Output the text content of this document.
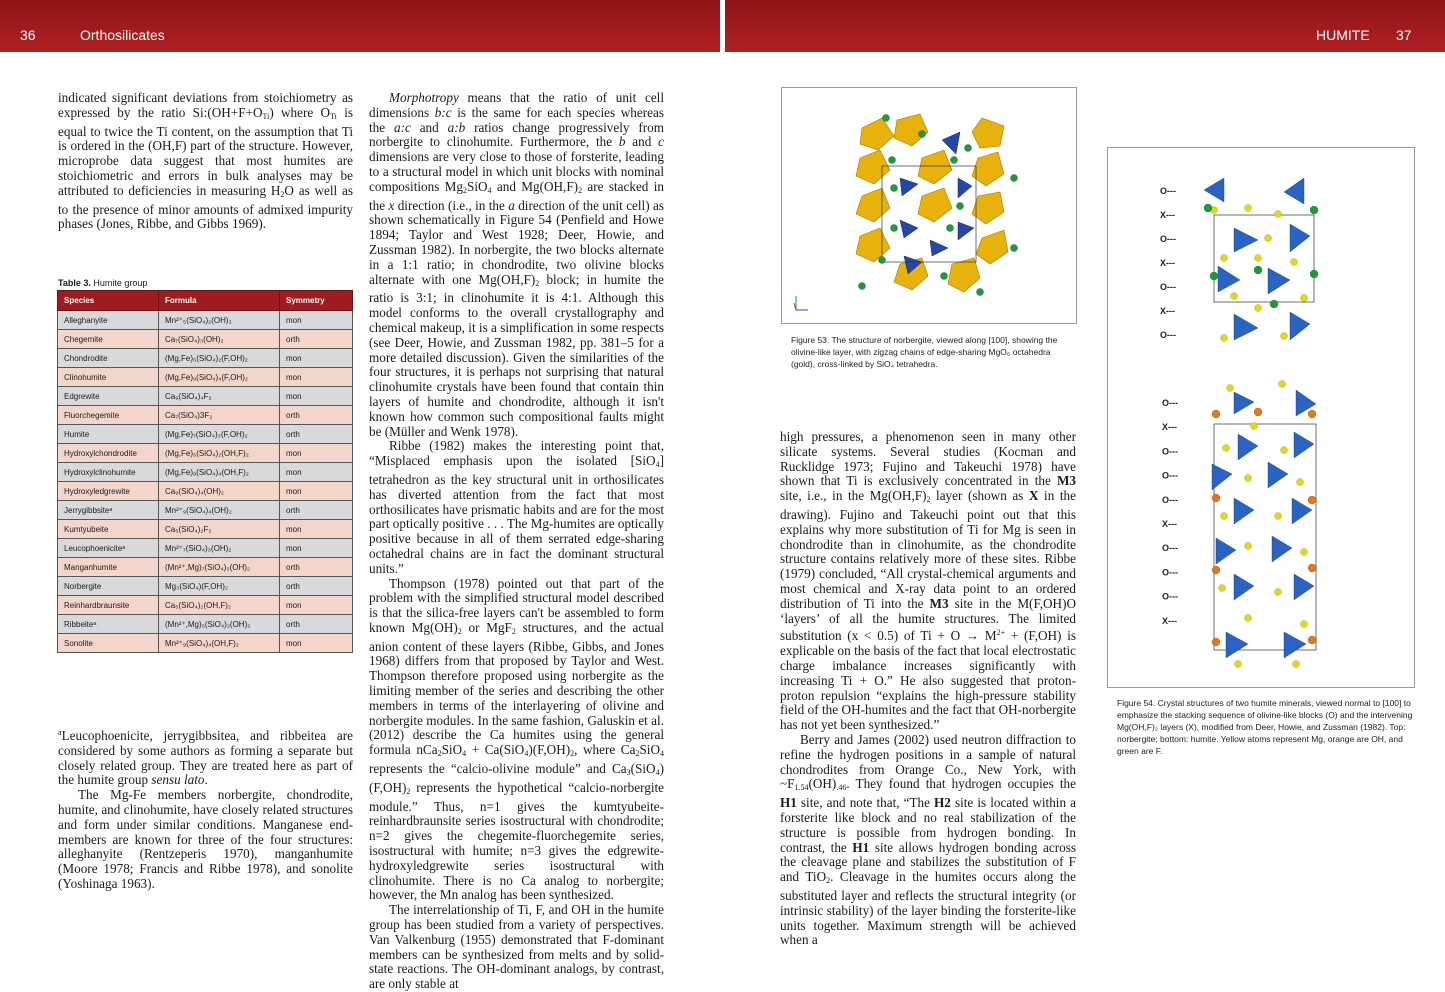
36	Orthosilicates	HUMITE 37

indicated significant deviations from stoichiometry as expressed by the ratio $Si:(OH+F+O_{Ti})$ where $O_{Ti}$ is equal to twice the Ti content, on the assumption that Ti is ordered in the (OH,F) part of the structure. However, microprobe data suggest that most humites are stoichiometric and errors in bulk analyses may be attributed to deficiencies in measuring $H_2O$ as well as to the presence of minor amounts of admixed impurity phases (Jones, Ribbe, and Gibbs 1969).

Table 3. Humite group
Species	Formula	Symmetry
Alleghanyite	Mn²⁺₅(SiO₄)₂(OH)₂	mon
Chegemite	Ca₇(SiO₄)₃(OH)₂	orth
Chondrodite	(Mg,Fe)₅(SiO₄)₂(F,OH)₂	mon
Clinohumite	(Mg,Fe)₉(SiO₄)₄(F,OH)₂	mon
Edgrewite	Ca₉(SiO₄)₄F₂	mon
Fluorchegemite	Ca₇(SiO₄)3F₂	orth
Humite	(Mg,Fe)₇(SiO₄)₃(F,OH)₂	orth
Hydroxylchondrodite	(Mg,Fe)₅(SiO₄)₂(OH,F)₂	mon
Hydroxylclinohumite	(Mg,Fe)₉(SiO₄)₄(OH,F)₂	mon
Hydroxyledgrewite	Ca₉(SiO₄)₄(OH)₂	mon
Jerrygibbsiteᵃ	Mn²⁺₉(SiO₄)₄(OH)₂	orth
Kumtyubeite	Ca₅(SiO₄)₂F₂	mon
Leucophoeniciteᵃ	Mn²⁺₇(SiO₄)₃(OH)₂	mon
Manganhumite	(Mn²⁺,Mg)₇(SiO₄)₃(OH)₂	orth
Norbergite	Mg₃(SiO₄)(F,OH)₂	orth
Reinhardbraunsite	Ca₅(SiO₄)₂(OH,F)₂	mon
Ribbeiteᵃ	(Mn²⁺,Mg)₅(SiO₄)₂(OH)₂	orth
Sonolite	Mn²⁺₉(SiO₄)₄(OH,F)₂	mon

$^a$Leucophoenicite, jerrygibbsitea, and ribbeitea are considered by some authors as forming a separate but closely related group. They are treated here as part of the humite group sensu lato.

The Mg-Fe members norbergite, chondrodite, humite, and clinohumite, have closely related structures and form under similar conditions. Manganese end-members are known for three of the four structures: alleghanyite (Rentzeperis 1970), manganhumite (Moore 1978; Francis and Ribbe 1978), and sonolite (Yoshinaga 1963).

Morphotropy means that the ratio of unit cell dimensions b:c is the same for each species whereas the a:c and a:b ratios change progressively from norbergite to clinohumite. Furthermore, the b and c dimensions are very close to those of forsterite, leading to a structural model in which unit blocks with nominal compositions $Mg_2SiO_4$ and $Mg(OH,F)_2$ are stacked in the x direction (i.e., in the a direction of the unit cell) as shown schematically in Figure 54 (Penfield and Howe 1894; Taylor and West 1928; Deer, Howie, and Zussman 1982). In norbergite, the two blocks alternate in a 1:1 ratio; in chondrodite, two olivine blocks alternate with one $Mg(OH,F)_2$ block; in humite the ratio is 3:1; in clinohumite it is 4:1. Although this model conforms to the overall crystallography and chemical makeup, it is a simplification in some respects (see Deer, Howie, and Zussman 1982, pp. 381–5 for a more detailed discussion). Given the similarities of the four structures, it is perhaps not surprising that natural clinohumite crystals have been found that contain thin layers of humite and chondrodite, although it isn't known how common such compositional faults might be (Müller and Wenk 1978).

Ribbe (1982) makes the interesting point that, “Misplaced emphasis upon the isolated [SiO$_4$] tetrahedron as the key structural unit in orthosilicates has diverted attention from the fact that most orthosilicates have prismatic habits and are for the most part optically positive . . . The Mg-humites are optically positive because in all of them serrated edge-sharing octahedral chains are in fact the dominant structural units.”

Thompson (1978) pointed out that part of the problem with the simplified structural model described is that the silica-free layers can't be assembled to form known $Mg(OH)_2$ or MgF$_2$ structures, and the actual anion content of these layers (Ribbe, Gibbs, and Jones 1968) differs from that proposed by Taylor and West. Thompson therefore proposed using norbergite as the limiting member of the series and describing the other members in terms of the interlayering of olivine and norbergite modules. In the same fashion, Galuskin et al. (2012) describe the Ca humites using the general formula $nCa_2SiO_4 + Ca(SiO_4)(F,OH)_2$, where $Ca_2SiO_4$ represents the “calcio-olivine module” and $Ca_3(SiO_4)(F,OH)_2$ represents the hypothetical “calcio-norbergite module.” Thus, n=1 gives the kumtyubeite-reinhardbraunsite series isostructural with chondrodite; n=2 gives the chegemite-fluorchegemite series, isostructural with humite; n=3 gives the edgrewite-hydroxyledgrewite series isostructural with clinohumite. There is no Ca analog to norbergite; however, the Mn analog has been synthesized.

The interrelationship of Ti, F, and OH in the humite group has been studied from a variety of perspectives. Van Valkenburg (1955) demonstrated that F-dominant members can be synthesized from melts and by solid-state reactions. The OH-dominant analogs, by contrast, are only stable at

Figure 53. The structure of norbergite, viewed along [100], showing the olivine-like layer, with zigzag chains of edge-sharing MgO₆ octahedra (gold), cross-linked by SiO₄ tetrahedra.
O---
X---
O---
X---
O---
X---
O---
O---
X---
O---
O---
O---
X---
O---
O---
O---
X---
Figure 54. Crystal structures of two humite minerals, viewed normal to [100] to emphasize the stacking sequence of olivine-like blocks (O) and the intervening Mg(OH,F)₂ layers (X), modified from Deer, Howie, and Zussman (1982). Top: norbergite; bottom: humite. Yellow atoms represent Mg, orange are OH, and green are F.

high pressures, a phenomenon seen in many other silicate systems. Several studies (Kocman and Rucklidge 1973; Fujino and Takeuchi 1978) have shown that Ti is exclusively concentrated in the M3 site, i.e., in the $Mg(OH,F)_2$ layer (shown as X in the drawing). Fujino and Takeuchi point out that this explains why more substitution of Ti for Mg is seen in chondrodite than in clinohumite, as the chondrodite structure contains relatively more of these sites. Ribbe (1979) concluded, “All crystal-chemical arguments and most chemical and X-ray data point to an ordered distribution of Ti into the M3 site in the M(F,OH)O ‘layers’ of all the humite structures. The limited substitution (x < 0.5) of $Ti + O \to M^{2+} + (F,OH)$ is explicable on the basis of the fact that local electrostatic charge imbalance increases significantly with increasing Ti + O.” He also suggested that proton-proton repulsion “explains the high-pressure stability field of the OH-humites and the fact that OH-norbergite has not yet been synthesized.”

Berry and James (2002) used neutron diffraction to refine the hydrogen positions in a sample of natural chondrodites from Orange Co., New York, with $\sim F_{1.54}(OH)_{.46}$. They found that hydrogen occupies the H1 site, and note that, “The H2 site is located within a forsterite like block and no real stabilization of the structure is possible from hydrogen bonding. In contrast, the H1 site allows hydrogen bonding across the cleavage plane and stabilizes the substitution of F and TiO$_2$. Cleavage in the humites occurs along the substituted layer and reflects the structural integrity (or intrinsic stability) of the layer binding the forsterite-like units together. Maximum strength will be achieved when a
